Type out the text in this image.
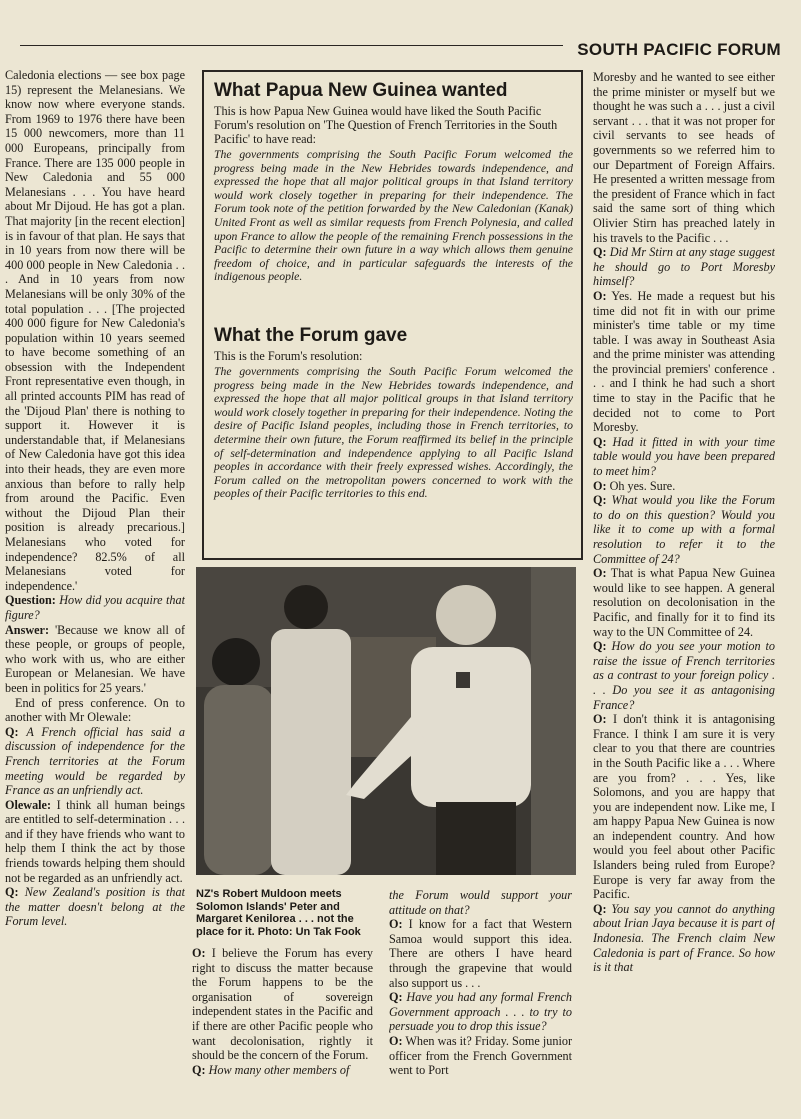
SOUTH PACIFIC FORUM

Caledonia elections — see box page 15) represent the Melanesians. We know now where everyone stands. From 1969 to 1976 there have been 15 000 newcomers, more than 11 000 Europeans, principally from France. There are 135 000 people in New Caledonia and 55 000 Melanesians . . . You have heard about Mr Dijoud. He has got a plan. That majority [in the recent election] is in favour of that plan. He says that in 10 years from now there will be 400 000 people in New Caledonia . . . And in 10 years from now Melanesians will be only 30% of the total population . . . [The projected 400 000 figure for New Caledonia's population within 10 years seemed to have become something of an obsession with the Independent Front representative even though, in all printed accounts PIM has read of the 'Dijoud Plan' there is nothing to support it. However it is understandable that, if Melanesians of New Caledonia have got this idea into their heads, they are even more anxious than before to rally help from around the Pacific. Even without the Dijoud Plan their position is already precarious.] Melanesians who voted for independence? 82.5% of all Melanesians voted for independence.'

Question: How did you acquire that figure?

Answer: 'Because we know all of these people, or groups of people, who work with us, who are either European or Melanesian. We have been in politics for 25 years.'

End of press conference. On to another with Mr Olewale:

Q: A French official has said a discussion of independence for the French territories at the Forum meeting would be regarded by France as an unfriendly act.

Olewale: I think all human beings are entitled to self-determination . . . and if they have friends who want to help them I think the act by those friends towards helping them should not be regarded as an unfriendly act.

Q: New Zealand's position is that the matter doesn't belong at the Forum level.

What Papua New Guinea wanted

This is how Papua New Guinea would have liked the South Pacific Forum's resolution on 'The Question of French Territories in the South Pacific' to have read:

The governments comprising the South Pacific Forum welcomed the progress being made in the New Hebrides towards independence, and expressed the hope that all major political groups in that Island territory would work closely together in preparing for their independence. The Forum took note of the petition forwarded by the New Caledonian (Kanak) United Front as well as similar requests from French Polynesia, and called upon France to allow the people of the remaining French possessions in the Pacific to determine their own future in a way which allows them genuine freedom of choice, and in particular safeguards the interests of the indigenous people.

What the Forum gave

This is the Forum's resolution:

The governments comprising the South Pacific Forum welcomed the progress being made in the New Hebrides towards independence, and expressed the hope that all major political groups in that Island territory would work closely together in preparing for their independence. Noting the desire of Pacific Island peoples, including those in French territories, to determine their own future, the Forum reaffirmed its belief in the principle of self-determination and independence applying to all Pacific Island peoples in accordance with their freely expressed wishes. Accordingly, the Forum called on the metropolitan powers concerned to work with the peoples of their Pacific territories to this end.

NZ's Robert Muldoon meets Solomon Islands' Peter and Margaret Kenilorea . . . not the place for it. Photo: Un Tak Fook

O: I believe the Forum has every right to discuss the matter because the Forum happens to be the organisation of sovereign independent states in the Pacific and if there are other Pacific people who want decolonisation, rightly it should be the concern of the Forum.

Q: How many other members of

the Forum would support your attitude on that?

O: I know for a fact that Western Samoa would support this idea. There are others I have heard through the grapevine that would also support us . . .

Q: Have you had any formal French Government approach . . . to try to persuade you to drop this issue?

O: When was it? Friday. Some junior officer from the French Government went to Port

Moresby and he wanted to see either the prime minister or myself but we thought he was such a . . . just a civil servant . . . that it was not proper for civil servants to see heads of governments so we referred him to our Department of Foreign Affairs. He presented a written message from the president of France which in fact said the same sort of thing which Olivier Stirn has preached lately in his travels to the Pacific . . .

Q: Did Mr Stirn at any stage suggest he should go to Port Moresby himself?

O: Yes. He made a request but his time did not fit in with our prime minister's time table or my time table. I was away in Southeast Asia and the prime minister was attending the provincial premiers' conference . . . and I think he had such a short time to stay in the Pacific that he decided not to come to Port Moresby.

Q: Had it fitted in with your time table would you have been prepared to meet him?

O: Oh yes. Sure.

Q: What would you like the Forum to do on this question? Would you like it to come up with a formal resolution to refer it to the Committee of 24?

O: That is what Papua New Guinea would like to see happen. A general resolution on decolonisation in the Pacific, and finally for it to find its way to the UN Committee of 24.

Q: How do you see your motion to raise the issue of French territories as a contrast to your foreign policy . . . Do you see it as antagonising France?

O: I don't think it is antagonising France. I think I am sure it is very clear to you that there are countries in the South Pacific like a . . . Where are you from? . . . Yes, like Solomons, and you are happy that you are independent now. Like me, I am happy Papua New Guinea is now an independent country. And how would you feel about other Pacific Islanders being ruled from Europe? Europe is very far away from the Pacific.

Q: You say you cannot do anything about Irian Jaya because it is part of Indonesia. The French claim New Caledonia is part of France. So how is it that
